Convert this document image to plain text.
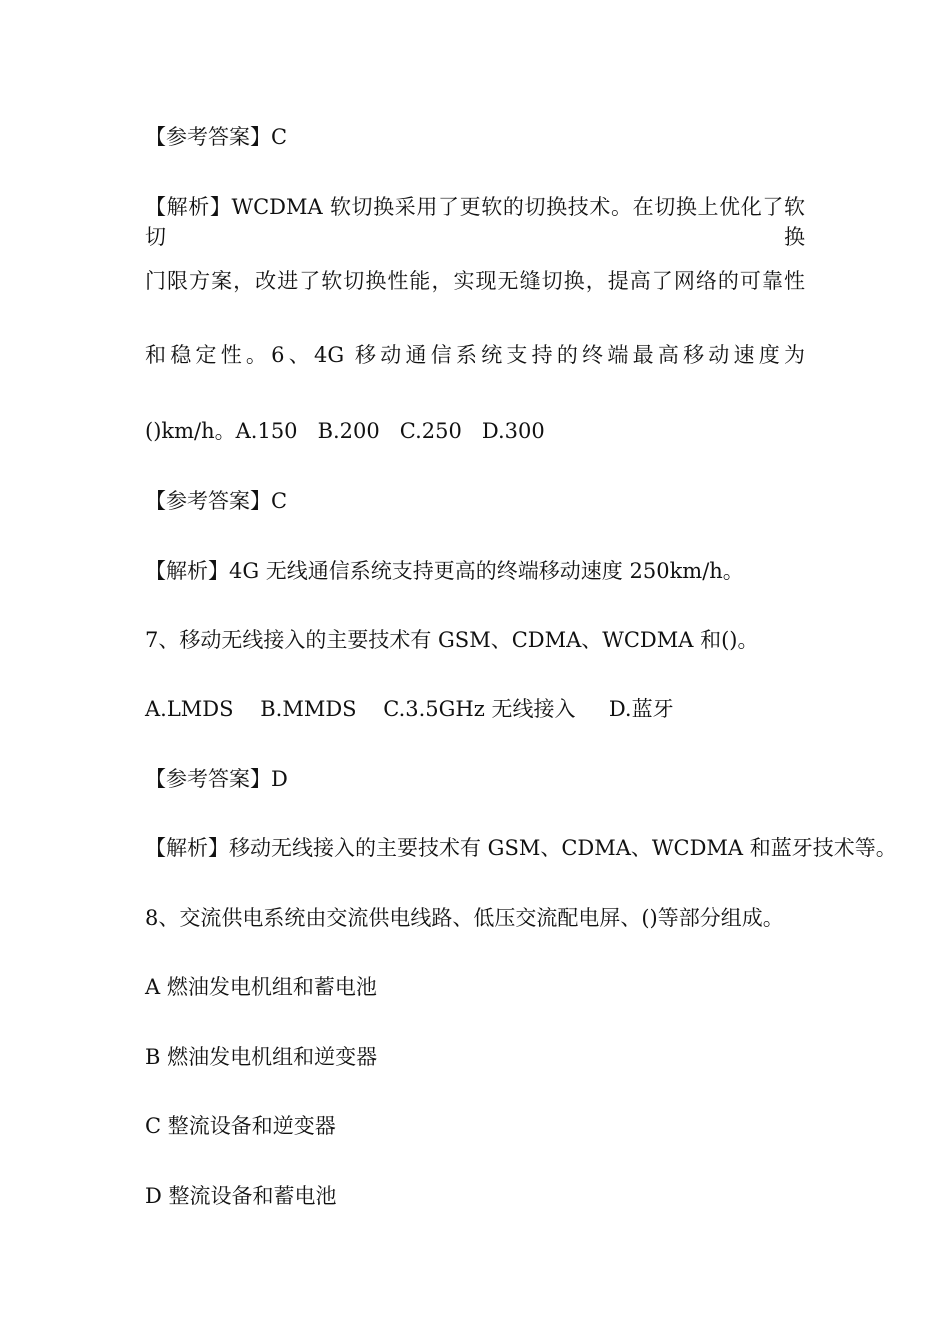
【参考答案】C
【解析】WCDMA 软切换采用了更软的切换技术。在切换上优化了软切换
门限方案，改进了软切换性能，实现无缝切换，提高了网络的可靠性
和稳定性。6、4G 移动通信系统支持的终端最高移动速度为
()km/h。A.150   B.200   C.250   D.300
【参考答案】C
【解析】4G 无线通信系统支持更高的终端移动速度 250km/h。
7、移动无线接入的主要技术有 GSM、CDMA、WCDMA 和()。
A.LMDS    B.MMDS    C.3.5GHz 无线接入     D.蓝牙
【参考答案】D
【解析】移动无线接入的主要技术有 GSM、CDMA、WCDMA 和蓝牙技术等。
8、交流供电系统由交流供电线路、低压交流配电屏、()等部分组成。
A 燃油发电机组和蓄电池
B 燃油发电机组和逆变器
C 整流设备和逆变器
D 整流设备和蓄电池
